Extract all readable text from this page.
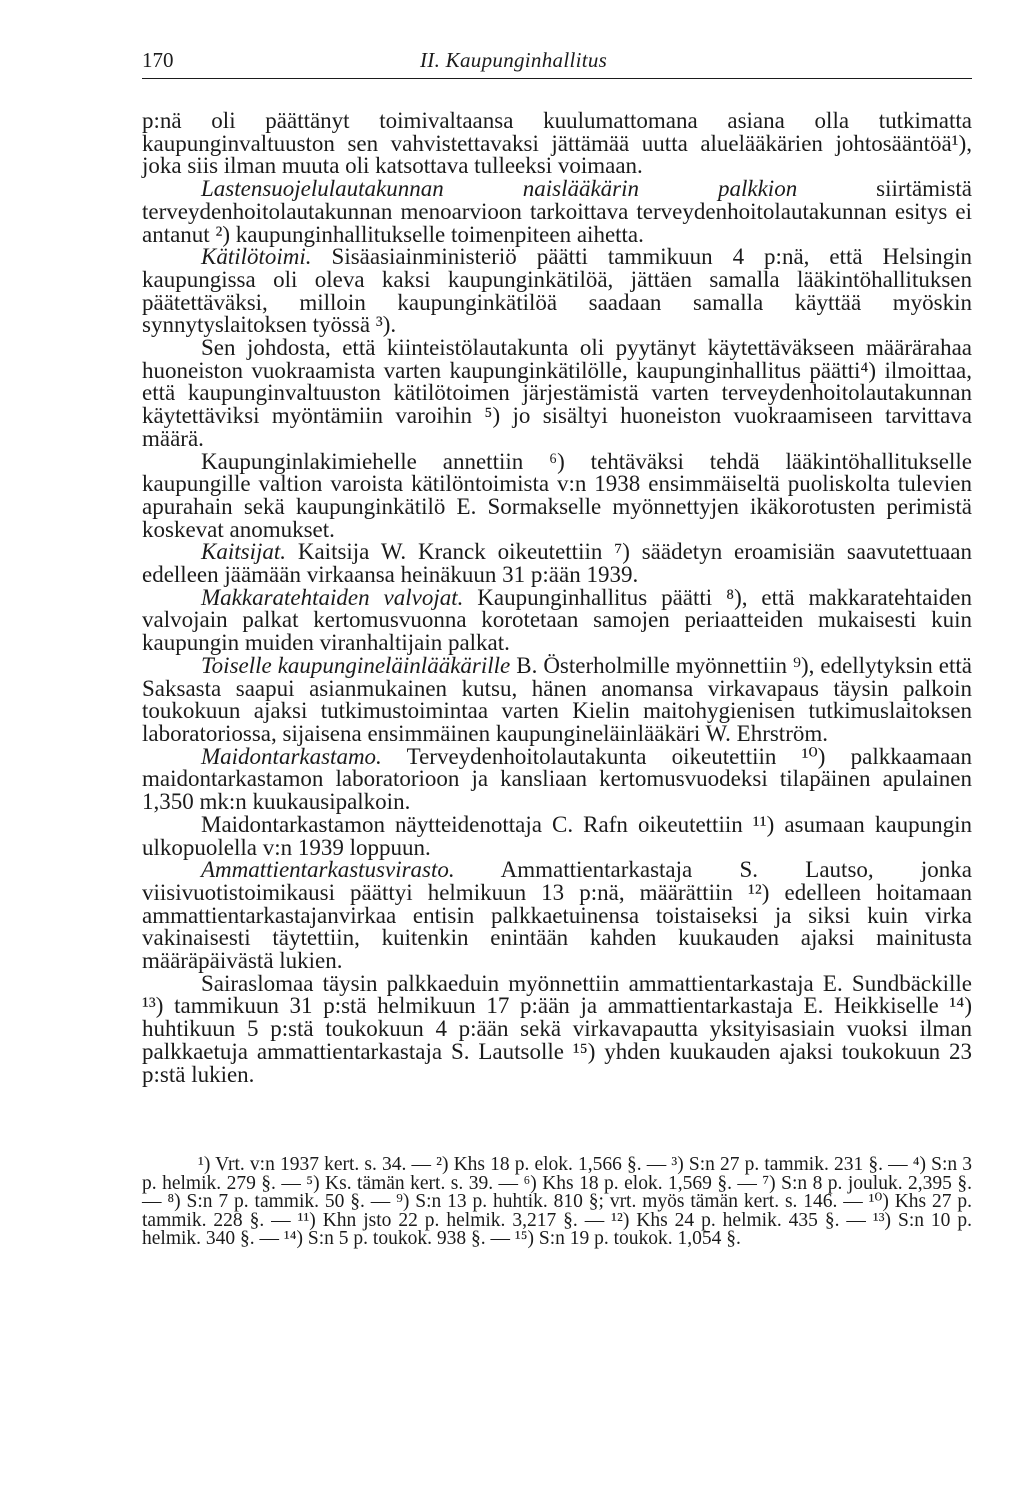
170	II. Kaupunginhallitus

p:nä oli päättänyt toimivaltaansa kuulumattomana asiana olla tutkimatta kaupunginvaltuuston sen vahvistettavaksi jättämää uutta aluelääkärien johtosääntöä¹), joka siis ilman muuta oli katsottava tulleeksi voimaan.

Lastensuojelulautakunnan naislääkärin palkkion siirtämistä terveydenhoitolautakunnan menoarvioon tarkoittava terveydenhoitolautakunnan esitys ei antanut ²) kaupunginhallitukselle toimenpiteen aihetta.

Kätilötoimi. Sisäasiainministeriö päätti tammikuun 4 p:nä, että Helsingin kaupungissa oli oleva kaksi kaupunginkätilöä, jättäen samalla lääkintöhallituksen päätettäväksi, milloin kaupunginkätilöä saadaan samalla käyttää myöskin synnytyslaitoksen työssä ³).

Sen johdosta, että kiinteistölautakunta oli pyytänyt käytettäväkseen määrärahaa huoneiston vuokraamista varten kaupunginkätilölle, kaupunginhallitus päätti⁴) ilmoittaa, että kaupunginvaltuuston kätilötoimen järjestämistä varten terveydenhoitolautakunnan käytettäviksi myöntämiin varoihin ⁵) jo sisältyi huoneiston vuokraamiseen tarvittava määrä.

Kaupunginlakimiehelle annettiin ⁶) tehtäväksi tehdä lääkintöhallitukselle kaupungille valtion varoista kätilöntoimista v:n 1938 ensimmäiseltä puoliskolta tulevien apurahain sekä kaupunginkätilö E. Sormakselle myönnettyjen ikäkorotusten perimistä koskevat anomukset.

Kaitsijat. Kaitsija W. Kranck oikeutettiin ⁷) säädetyn eroamisiän saavutettuaan edelleen jäämään virkaansa heinäkuun 31 p:ään 1939.

Makkaratehtaiden valvojat. Kaupunginhallitus päätti ⁸), että makkaratehtaiden valvojain palkat kertomusvuonna korotetaan samojen periaatteiden mukaisesti kuin kaupungin muiden viranhaltijain palkat.

Toiselle kaupungineläinlääkärille B. Österholmille myönnettiin ⁹), edellytyksin että Saksasta saapui asianmukainen kutsu, hänen anomansa virkavapaus täysin palkoin toukokuun ajaksi tutkimustoimintaa varten Kielin maitohygienisen tutkimuslaitoksen laboratoriossa, sijaisena ensimmäinen kaupungineläinlääkäri W. Ehrström.

Maidontarkastamo. Terveydenhoitolautakunta oikeutettiin ¹⁰) palkkaamaan maidontarkastamon laboratorioon ja kansliaan kertomusvuodeksi tilapäinen apulainen 1,350 mk:n kuukausipalkoin.

Maidontarkastamon näytteidenottaja C. Rafn oikeutettiin ¹¹) asumaan kaupungin ulkopuolella v:n 1939 loppuun.

Ammattientarkastusvirasto. Ammattientarkastaja S. Lautso, jonka viisivuotistoimikausi päättyi helmikuun 13 p:nä, määrättiin ¹²) edelleen hoitamaan ammattientarkastajanvirkaa entisin palkkaetuinensa toistaiseksi ja siksi kuin virka vakinaisesti täytettiin, kuitenkin enintään kahden kuukauden ajaksi mainitusta määräpäivästä lukien.

Sairaslomaa täysin palkkaeduin myönnettiin ammattientarkastaja E. Sundbäckille ¹³) tammikuun 31 p:stä helmikuun 17 p:ään ja ammattientarkastaja E. Heikkiselle ¹⁴) huhtikuun 5 p:stä toukokuun 4 p:ään sekä virkavapautta yksityisasiain vuoksi ilman palkkaetuja ammattientarkastaja S. Lautsolle ¹⁵) yhden kuukauden ajaksi toukokuun 23 p:stä lukien.

¹) Vrt. v:n 1937 kert. s. 34. — ²) Khs 18 p. elok. 1,566 §. — ³) S:n 27 p. tammik. 231 §. — ⁴) S:n 3 p. helmik. 279 §. — ⁵) Ks. tämän kert. s. 39. — ⁶) Khs 18 p. elok. 1,569 §. — ⁷) S:n 8 p. jouluk. 2,395 §. — ⁸) S:n 7 p. tammik. 50 §. — ⁹) S:n 13 p. huhtik. 810 §; vrt. myös tämän kert. s. 146. — ¹⁰) Khs 27 p. tammik. 228 §. — ¹¹) Khn jsto 22 p. helmik. 3,217 §. — ¹²) Khs 24 p. helmik. 435 §. — ¹³) S:n 10 p. helmik. 340 §. — ¹⁴) S:n 5 p. toukok. 938 §. — ¹⁵) S:n 19 p. toukok. 1,054 §.
